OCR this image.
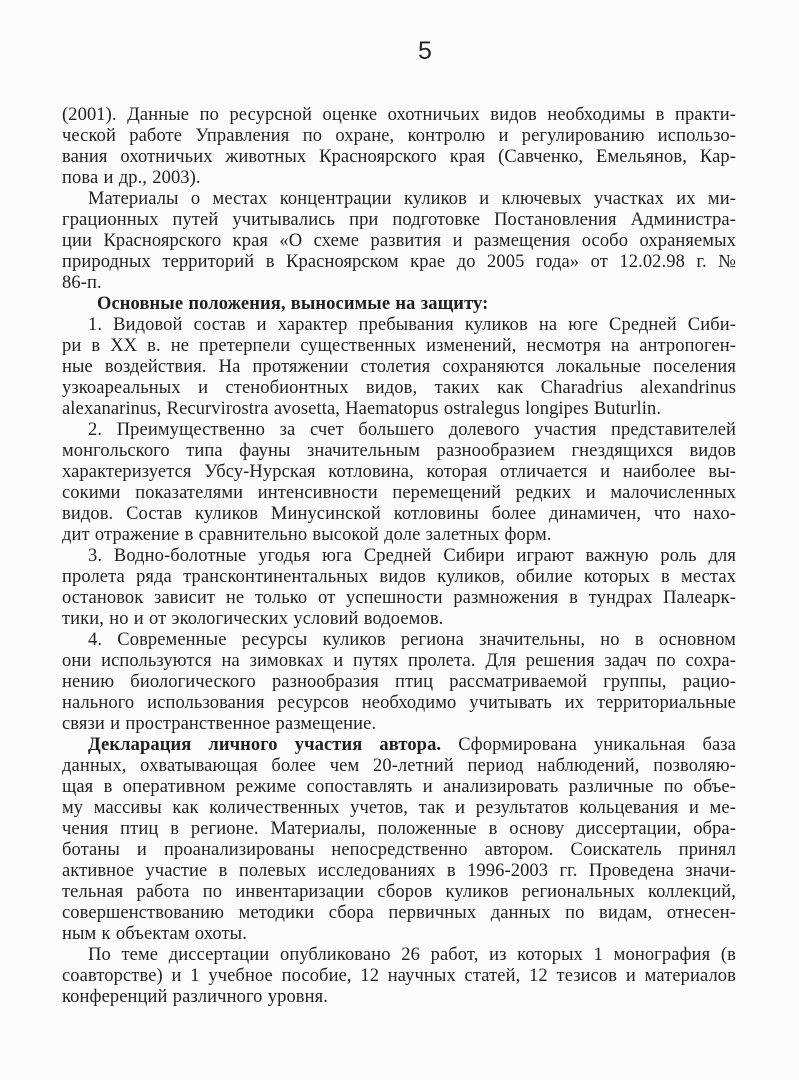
5
(2001). Данные по ресурсной оценке охотничьих видов необходимы в практи-
ческой работе Управления по охране, контролю и регулированию использо-
вания охотничьих животных Красноярского края (Савченко, Емельянов, Кар-
пова и др., 2003).
Материалы о местах концентрации куликов и ключевых участках их ми-
грационных путей учитывались при подготовке Постановления Администра-
ции Красноярского края «О схеме развития и размещения особо охраняемых
природных территорий в Красноярском крае до 2005 года» от 12.02.98 г. №
86-п.
Основные положения, выносимые на защиту:
1. Видовой состав и характер пребывания куликов на юге Средней Сиби-
ри в XX в. не претерпели существенных изменений, несмотря на антропоген-
ные воздействия. На протяжении столетия сохраняются локальные поселения
узкоареальных и стенобионтных видов, таких как Charadrius alexandrinus
alexanarinus, Recurvirostra avosetta, Haematopus ostralegus longipes Buturlin.
2. Преимущественно за счет большего долевого участия представителей
монгольского типа фауны значительным разнообразием гнездящихся видов
характеризуется Убсу-Нурская котловина, которая отличается и наиболее вы-
сокими показателями интенсивности перемещений редких и малочисленных
видов. Состав куликов Минусинской котловины более динамичен, что нахо-
дит отражение в сравнительно высокой доле залетных форм.
3. Водно-болотные угодья юга Средней Сибири играют важную роль для
пролета ряда трансконтинентальных видов куликов, обилие которых в местах
остановок зависит не только от успешности размножения в тундрах Палеарк-
тики, но и от экологических условий водоемов.
4. Современные ресурсы куликов региона значительны, но в основном
они используются на зимовках и путях пролета. Для решения задач по сохра-
нению биологического разнообразия птиц рассматриваемой группы, рацио-
нального использования ресурсов необходимо учитывать их территориальные
связи и пространственное размещение.
Декларация личного участия автора. Сформирована уникальная база
данных, охватывающая более чем 20-летний период наблюдений, позволяю-
щая в оперативном режиме сопоставлять и анализировать различные по объе-
му массивы как количественных учетов, так и результатов кольцевания и ме-
чения птиц в регионе. Материалы, положенные в основу диссертации, обра-
ботаны и проанализированы непосредственно автором. Соискатель принял
активное участие в полевых исследованиях в 1996-2003 гг. Проведена значи-
тельная работа по инвентаризации сборов куликов региональных коллекций,
совершенствованию методики сбора первичных данных по видам, отнесен-
ным к объектам охоты.
По теме диссертации опубликовано 26 работ, из которых 1 монография (в
соавторстве) и 1 учебное пособие, 12 научных статей, 12 тезисов и материалов
конференций различного уровня.
